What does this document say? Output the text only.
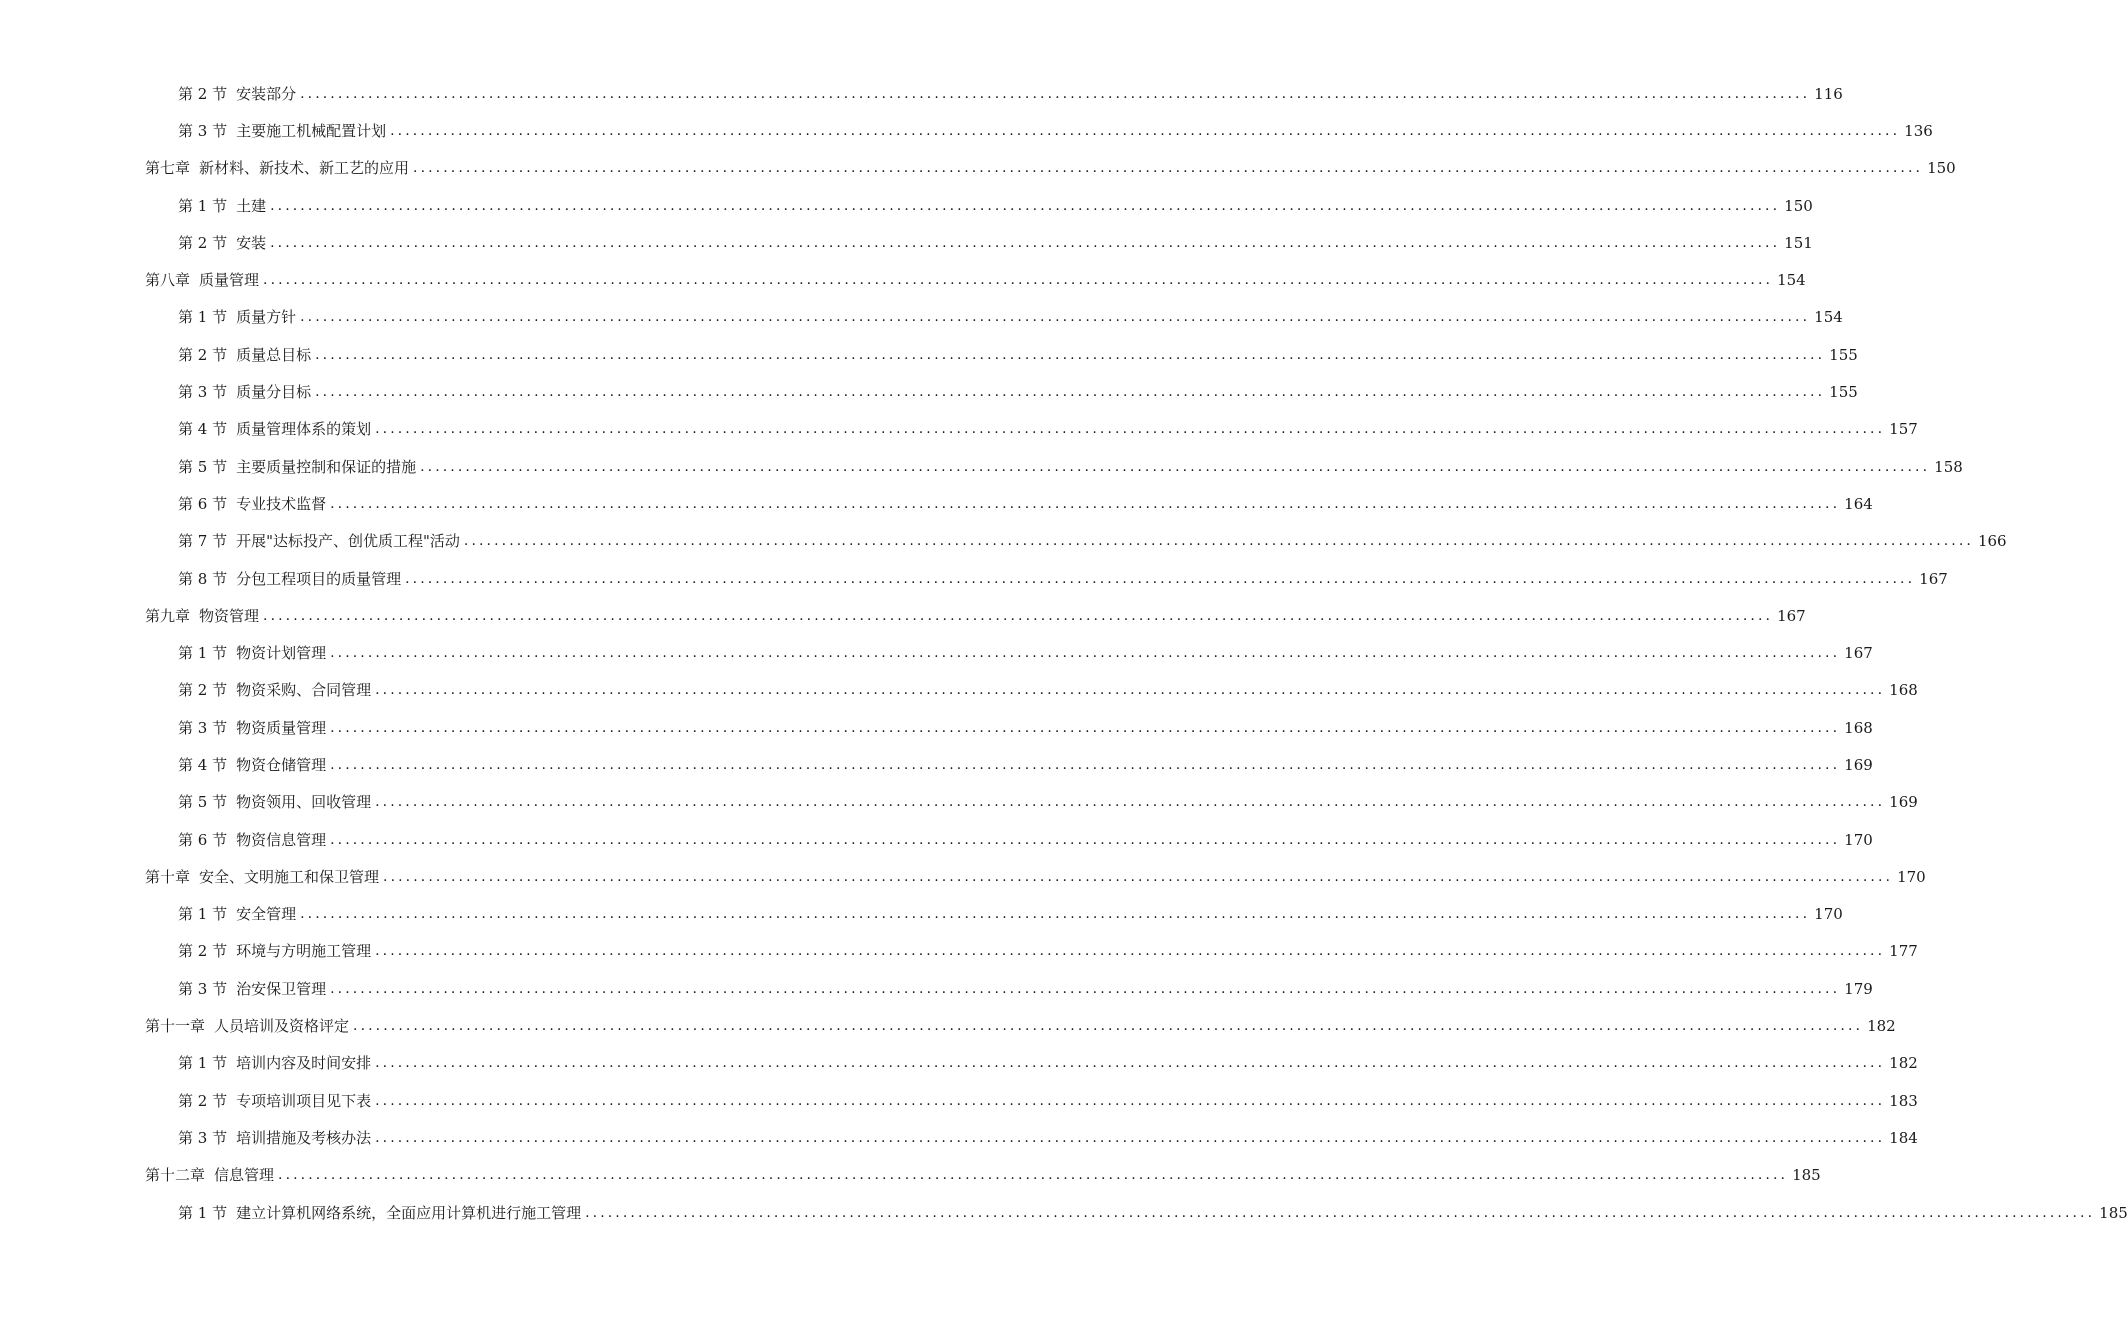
第 2 节 安装部分 ........................................................................................................................................................................................................ 116
第 3 节 主要施工机械配置计划 ........................................................................................................................................................................................................ 136
第七章 新材料、新技术、新工艺的应用 ........................................................................................................................................................................................................ 150
第 1 节 土建 ........................................................................................................................................................................................................ 150
第 2 节 安装 ........................................................................................................................................................................................................ 151
第八章 质量管理 ........................................................................................................................................................................................................ 154
第 1 节 质量方针 ........................................................................................................................................................................................................ 154
第 2 节 质量总目标 ........................................................................................................................................................................................................ 155
第 3 节 质量分目标 ........................................................................................................................................................................................................ 155
第 4 节 质量管理体系的策划 ........................................................................................................................................................................................................ 157
第 5 节 主要质量控制和保证的措施 ........................................................................................................................................................................................................ 158
第 6 节 专业技术监督 ........................................................................................................................................................................................................ 164
第 7 节 开展"达标投产、创优质工程"活动 ........................................................................................................................................................................................................ 166
第 8 节 分包工程项目的质量管理 ........................................................................................................................................................................................................ 167
第九章 物资管理 ........................................................................................................................................................................................................ 167
第 1 节 物资计划管理 ........................................................................................................................................................................................................ 167
第 2 节 物资采购、合同管理 ........................................................................................................................................................................................................ 168
第 3 节 物资质量管理 ........................................................................................................................................................................................................ 168
第 4 节 物资仓储管理 ........................................................................................................................................................................................................ 169
第 5 节 物资领用、回收管理 ........................................................................................................................................................................................................ 169
第 6 节 物资信息管理 ........................................................................................................................................................................................................ 170
第十章 安全、文明施工和保卫管理 ........................................................................................................................................................................................................ 170
第 1 节 安全管理 ........................................................................................................................................................................................................ 170
第 2 节 环境与方明施工管理 ........................................................................................................................................................................................................ 177
第 3 节 治安保卫管理 ........................................................................................................................................................................................................ 179
第十一章 人员培训及资格评定 ........................................................................................................................................................................................................ 182
第 1 节 培训内容及时间安排 ........................................................................................................................................................................................................ 182
第 2 节 专项培训项目见下表 ........................................................................................................................................................................................................ 183
第 3 节 培训措施及考核办法 ........................................................................................................................................................................................................ 184
第十二章 信息管理 ........................................................................................................................................................................................................ 185
第 1 节 建立计算机网络系统，全面应用计算机进行施工管理 ........................................................................................................................................................................................................ 185
